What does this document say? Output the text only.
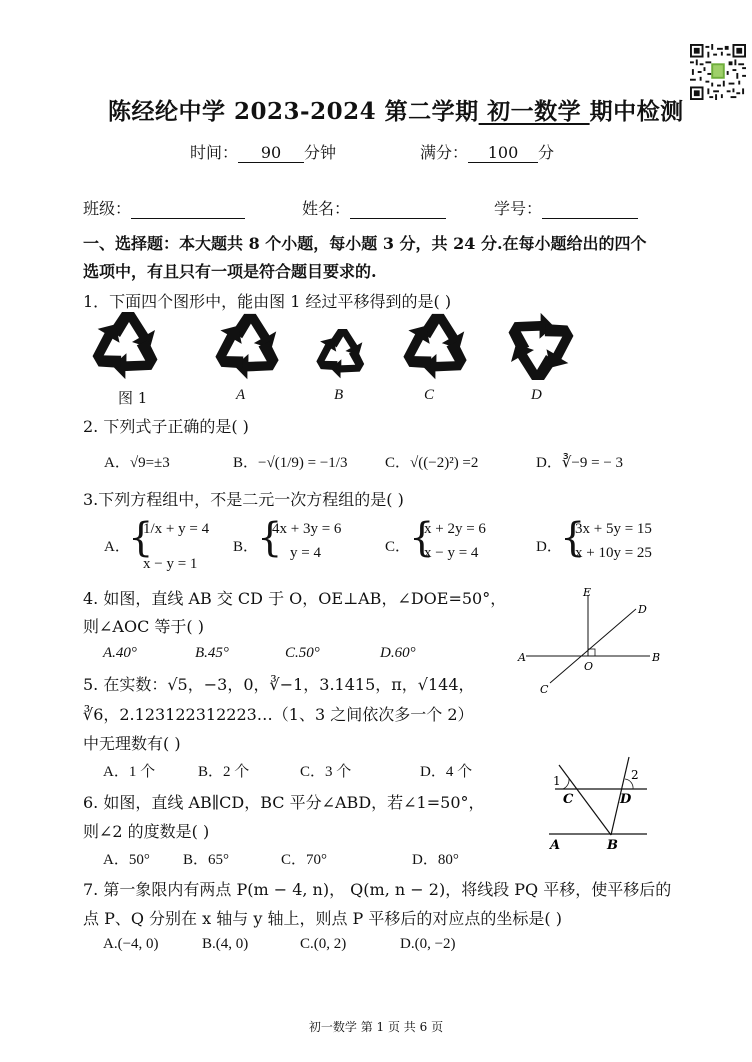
陈经纶中学 2023-2024 第二学期 初一数学 期中检测
时间： 90 分钟	满分： 100 分
班级：	姓名：	学号：
一、选择题：本大题共 8 个小题，每小题 3 分，共 24 分.在每小题给出的四个
选项中，有且只有一项是符合题目要求的.
1．下面四个图形中，能由图 1 经过平移得到的是( )
图 1	A	B	C	D
2. 下列式子正确的是( )
A．√9=±3	B．−√(1/9) = −1/3	C．√((−2)²) =2	D．∛−9 = − 3
3.下列方程组中，不是二元一次方程组的是( )
A．
{
1/x + y = 4
x − y = 1
B．
{
4x + 3y = 6
y = 4	C．
{
x + 2y = 6
x − y = 4	D．
{
3x + 5y = 15
x + 10y = 25
4. 如图，直线 AB 交 CD 于 O，OE⊥AB，∠DOE=50°，
则∠AOC 等于( )
A.40°	B.45°	C.50°	D.60°
E
D
A
O
B
C
5. 在实数：√5，−3，0，∛−1，3.1415，π，√144，
∛6，2.123122312223…（1、3 之间依次多一个 2）
中无理数有( )
A．1 个	B．2 个	C．3 个	D．4 个
6. 如图，直线 AB∥CD，BC 平分∠ABD，若∠1=50°，
则∠2 的度数是( )
A．50° B．65°	C．70°	D．80°
1	2
C	D
A	B
7. 第一象限内有两点 P(m − 4, n)， Q(m, n − 2)，将线段 PQ 平移，使平移后的
点 P、Q 分别在 x 轴与 y 轴上，则点 P 平移后的对应点的坐标是( )
A.(−4, 0)	B.(4, 0)	C.(0, 2)	D.(0, −2)
初一数学 第 1 页 共 6 页
